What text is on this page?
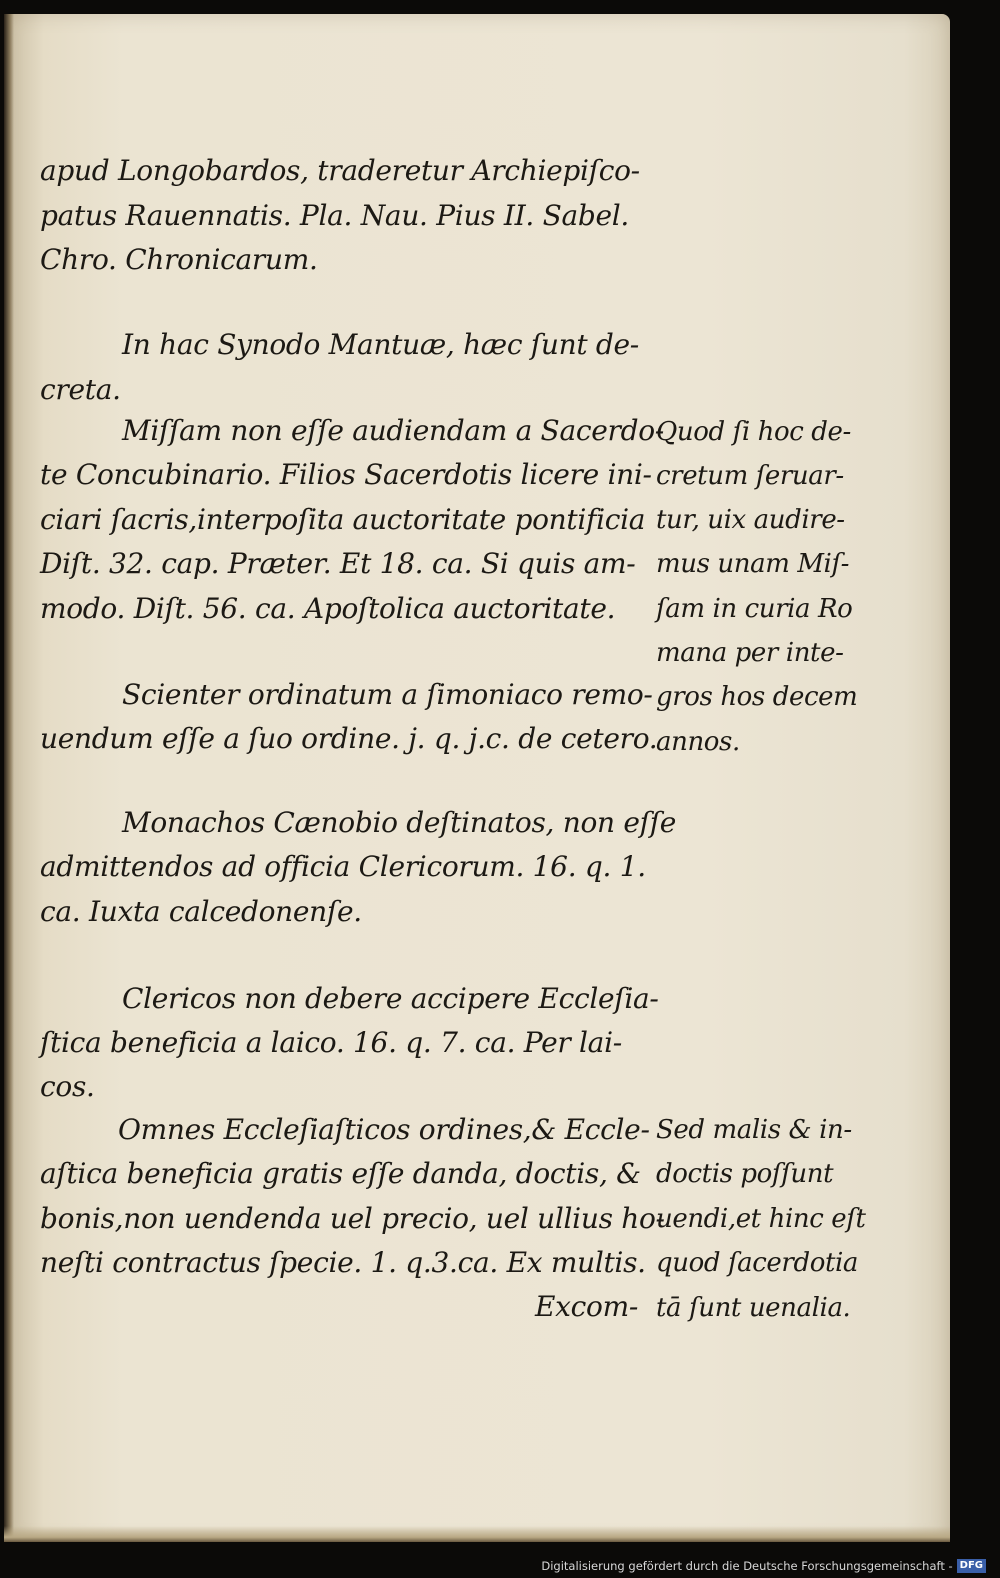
apud Longobardos, traderetur Archiepiſco-
patus Rauennatis. Pla. Nau. Pius II. Sabel.
Chro. Chronicarum.
In hac Synodo Mantuæ, hæc ſunt de-
creta.
Miſſam non eſſe audiendam a Sacerdo-
te Concubinario. Filios Sacerdotis licere ini-
ciari ſacris,interpoſita auctoritate pontificia
Diſt. 32. cap. Præter. Et 18. ca. Si quis am-
modo. Diſt. 56. ca. Apoſtolica auctoritate.
Scienter ordinatum a ſimoniaco remo-
uendum eſſe a ſuo ordine. j. q. j.c. de cetero.
Monachos Cænobio deſtinatos, non eſſe
admittendos ad officia Clericorum. 16. q. 1.
ca. Iuxta calcedonenſe.
Clericos non debere accipere Eccleſia-
ſtica beneficia a laico. 16. q. 7. ca. Per lai-
cos.
Omnes Eccleſiaſticos ordines,& Eccle-
aſtica beneficia gratis eſſe danda, doctis, &
bonis,non uendenda uel precio, uel ullius ho-
neſti contractus ſpecie. 1. q.3.ca. Ex multis.
Excom-
Quod ſi hoc de-
cretum ſeruar-
tur, uix audire-
mus unam Miſ-
ſam in curia Ro
mana per inte-
gros hos decem
annos.
Sed malis & in-
doctis poſſunt
uendi,et hinc eſt
quod ſacerdotia
tā ſunt uenalia.
Digitalisierung gefördert durch die Deutsche Forschungsgemeinschaft - DFG
